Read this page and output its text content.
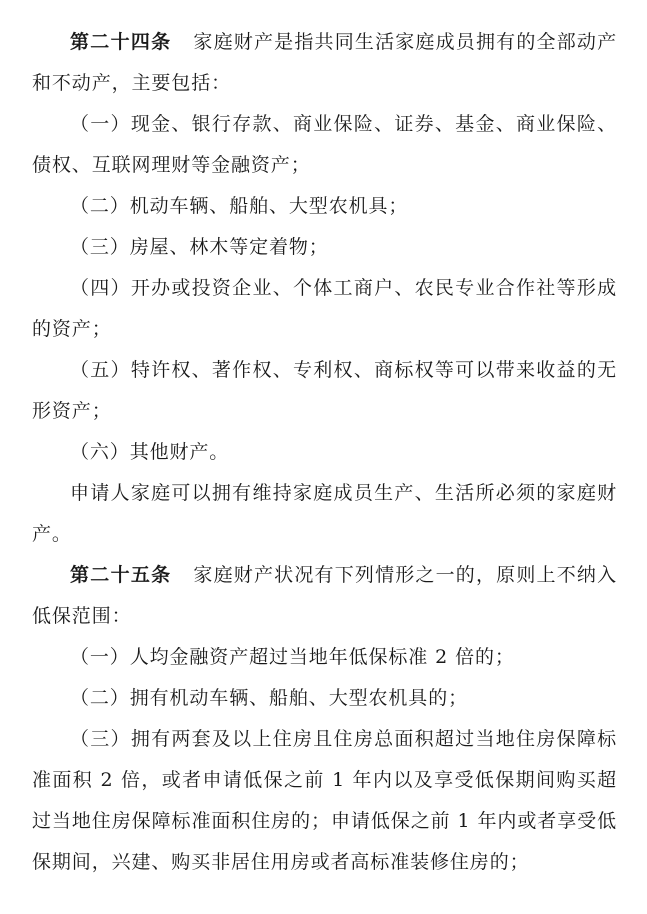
第二十四条 家庭财产是指共同生活家庭成员拥有的全部动产和不动产，主要包括：

（一）现金、银行存款、商业保险、证券、基金、商业保险、债权、互联网理财等金融资产；

（二）机动车辆、船舶、大型农机具；

（三）房屋、林木等定着物；

（四）开办或投资企业、个体工商户、农民专业合作社等形成的资产；

（五）特许权、著作权、专利权、商标权等可以带来收益的无形资产；

（六）其他财产。

申请人家庭可以拥有维持家庭成员生产、生活所必须的家庭财产。

第二十五条 家庭财产状况有下列情形之一的，原则上不纳入低保范围：

（一）人均金融资产超过当地年低保标准 2 倍的；

（二）拥有机动车辆、船舶、大型农机具的；

（三）拥有两套及以上住房且住房总面积超过当地住房保障标准面积 2 倍，或者申请低保之前 1 年内以及享受低保期间购买超过当地住房保障标准面积住房的；申请低保之前 1 年内或者享受低保期间，兴建、购买非居住用房或者高标准装修住房的；
